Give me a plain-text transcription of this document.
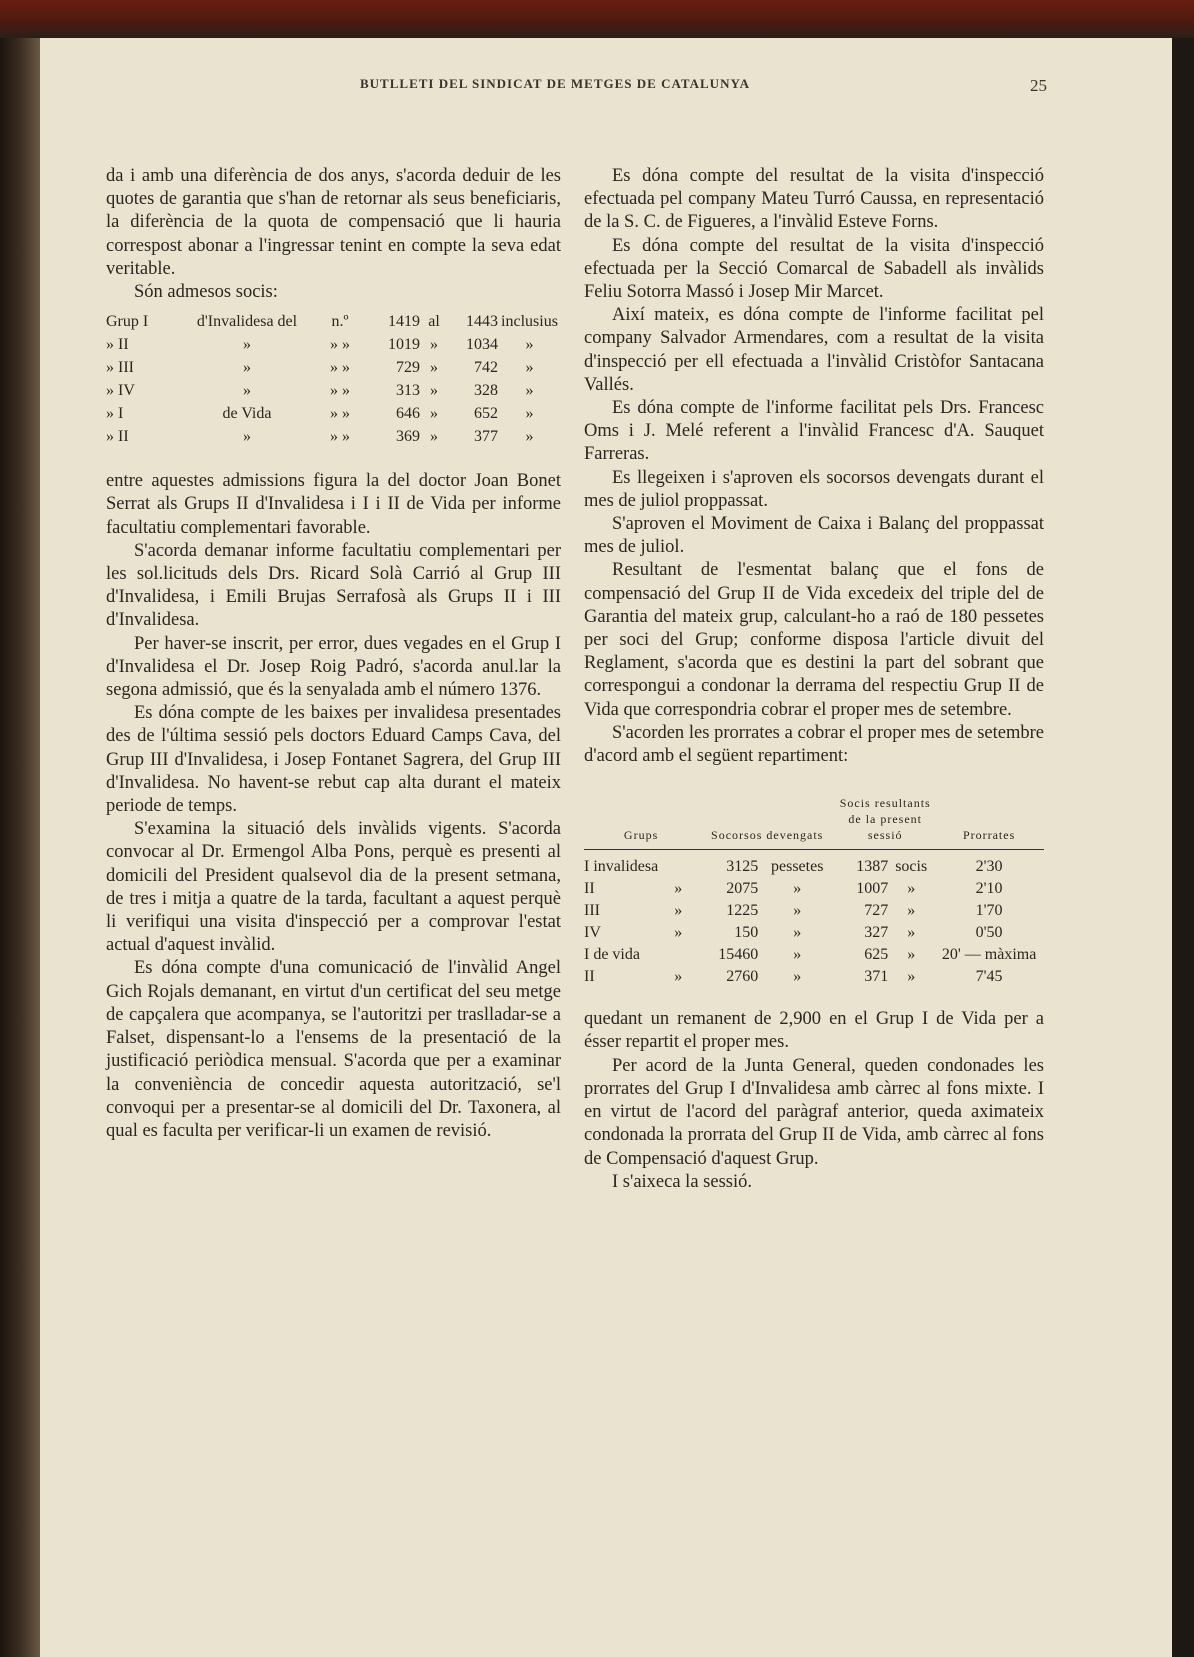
BUTLLETI DEL SINDICAT DE METGES DE CATALUNYA	25

da i amb una diferència de dos anys, s'acorda deduir de les quotes de garantia que s'han de retornar als seus beneficiaris, la diferència de la quota de compensació que li hauria correspost abonar a l'ingressar tenint en compte la seva edat veritable.

Són admesos socis:

Grup I	d'Invalidesa del	n.º	1419	al	1443	inclusius
» II	»	» »	1019	»	1034	»
» III	»	» »	729	»	742	»
» IV	»	» »	313	»	328	»
» I	de Vida	» »	646	»	652	»
» II	»	» »	369	»	377	»

entre aquestes admissions figura la del doctor Joan Bonet Serrat als Grups II d'Invalidesa i I i II de Vida per informe facultatiu complementari favorable.

S'acorda demanar informe facultatiu complementari per les sol.licituds dels Drs. Ricard Solà Carrió al Grup III d'Invalidesa, i Emili Brujas Serrafosà als Grups II i III d'Invalidesa.

Per haver-se inscrit, per error, dues vegades en el Grup I d'Invalidesa el Dr. Josep Roig Padró, s'acorda anul.lar la segona admissió, que és la senyalada amb el número 1376.

Es dóna compte de les baixes per invalidesa presentades des de l'última sessió pels doctors Eduard Camps Cava, del Grup III d'Invalidesa, i Josep Fontanet Sagrera, del Grup III d'Invalidesa. No havent-se rebut cap alta durant el mateix periode de temps.

S'examina la situació dels invàlids vigents. S'acorda convocar al Dr. Ermengol Alba Pons, perquè es presenti al domicili del President qualsevol dia de la present setmana, de tres i mitja a quatre de la tarda, facultant a aquest perquè li verifiqui una visita d'inspecció per a comprovar l'estat actual d'aquest invàlid.

Es dóna compte d'una comunicació de l'invàlid Angel Gich Rojals demanant, en virtut d'un certificat del seu metge de capçalera que acompanya, se l'autoritzi per traslladar-se a Falset, dispensant-lo a l'ensems de la presentació de la justificació periòdica mensual. S'acorda que per a examinar la conveniència de concedir aquesta autorització, se'l convoqui per a presentar-se al domicili del Dr. Taxonera, al qual es faculta per verificar-li un examen de revisió.

Es dóna compte del resultat de la visita d'inspecció efectuada pel company Mateu Turró Caussa, en representació de la S. C. de Figueres, a l'invàlid Esteve Forns.

Es dóna compte del resultat de la visita d'inspecció efectuada per la Secció Comarcal de Sabadell als invàlids Feliu Sotorra Massó i Josep Mir Marcet.

Així mateix, es dóna compte de l'informe facilitat pel company Salvador Armendares, com a resultat de la visita d'inspecció per ell efectuada a l'invàlid Cristòfor Santacana Vallés.

Es dóna compte de l'informe facilitat pels Drs. Francesc Oms i J. Melé referent a l'invàlid Francesc d'A. Sauquet Farreras.

Es llegeixen i s'aproven els socorsos devengats durant el mes de juliol proppassat.

S'aproven el Moviment de Caixa i Balanç del proppassat mes de juliol.

Resultant de l'esmentat balanç que el fons de compensació del Grup II de Vida excedeix del triple del de Garantia del mateix grup, calculant-ho a raó de 180 pessetes per soci del Grup; conforme disposa l'article divuit del Reglament, s'acorda que es destini la part del sobrant que correspongui a condonar la derrama del respectiu Grup II de Vida que correspondria cobrar el proper mes de setembre.

S'acorden les prorrates a cobrar el proper mes de setembre d'acord amb el següent repartiment:

Grups		Socorsos devengats		Socis resultants de la present sessió		Prorrates
I invalidesa		3125	pessetes	1387	socis	2'30
II	»	2075	»	1007	»	2'10
III	»	1225	»	727	»	1'70
IV	»	150	»	327	»	0'50
I de vida		15460	»	625	»	20' — màxima
II	»	2760	»	371	»	7'45

quedant un remanent de 2,900 en el Grup I de Vida per a ésser repartit el proper mes.

Per acord de la Junta General, queden condonades les prorrates del Grup I d'Invalidesa amb càrrec al fons mixte. I en virtut de l'acord del paràgraf anterior, queda aximateix condonada la prorrata del Grup II de Vida, amb càrrec al fons de Compensació d'aquest Grup.

I s'aixeca la sessió.
